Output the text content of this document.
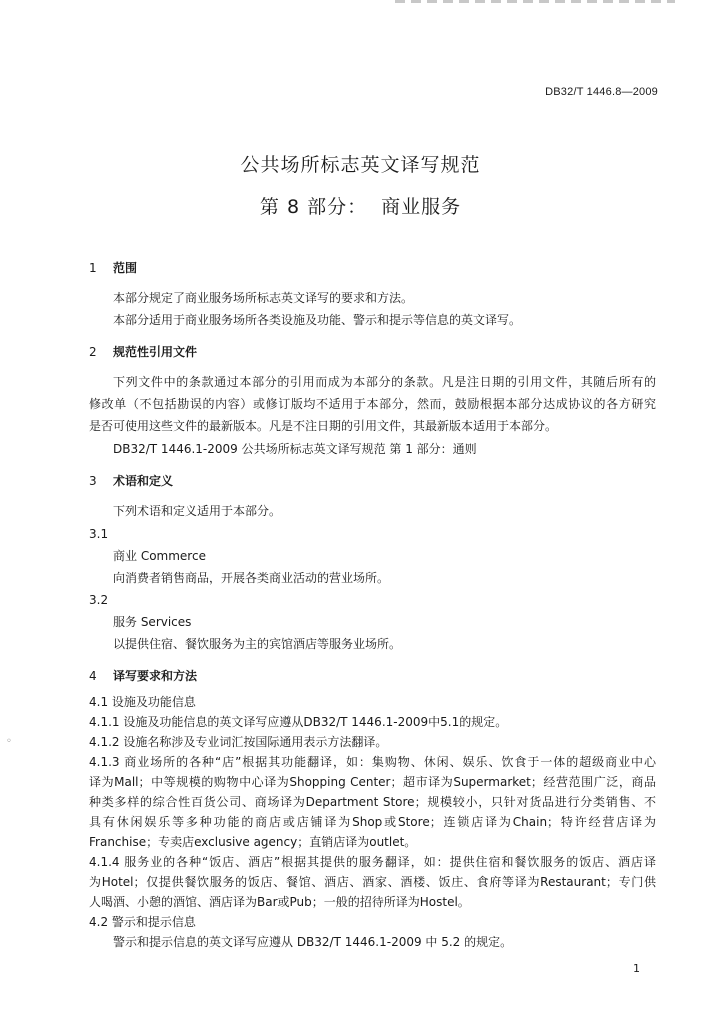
◦
DB32/T 1446.8—2009
公共场所标志英文译写规范
第 8 部分： 商业服务
1 范围
本部分规定了商业服务场所标志英文译写的要求和方法。
本部分适用于商业服务场所各类设施及功能、警示和提示等信息的英文译写。
2 规范性引用文件
下列文件中的条款通过本部分的引用而成为本部分的条款。凡是注日期的引用文件，其随后所有的
修改单（不包括勘误的内容）或修订版均不适用于本部分，然而，鼓励根据本部分达成协议的各方研究
是否可使用这些文件的最新版本。凡是不注日期的引用文件，其最新版本适用于本部分。
DB32/T 1446.1-2009 公共场所标志英文译写规范 第 1 部分：通则
3 术语和定义
下列术语和定义适用于本部分。
3.1
商业 Commerce
向消费者销售商品，开展各类商业活动的营业场所。
3.2
服务 Services
以提供住宿、餐饮服务为主的宾馆酒店等服务业场所。
4 译写要求和方法
4.1 设施及功能信息
4.1.1 设施及功能信息的英文译写应遵从DB32/T 1446.1-2009中5.1的规定。
4.1.2 设施名称涉及专业词汇按国际通用表示方法翻译。
4.1.3 商业场所的各种“店”根据其功能翻译，如：集购物、休闲、娱乐、饮食于一体的超级商业中心
译为Mall；中等规模的购物中心译为Shopping Center；超市译为Supermarket；经营范围广泛，商品
种类多样的综合性百货公司、商场译为Department Store；规模较小，只针对货品进行分类销售、不
具有休闲娱乐等多种功能的商店或店铺译为Shop或Store；连锁店译为Chain；特许经营店译为
Franchise；专卖店exclusive agency；直销店译为outlet。
4.1.4 服务业的各种“饭店、酒店”根据其提供的服务翻译，如：提供住宿和餐饮服务的饭店、酒店译
为Hotel；仅提供餐饮服务的饭店、餐馆、酒店、酒家、酒楼、饭庄、食府等译为Restaurant；专门供
人喝酒、小憩的酒馆、酒店译为Bar或Pub；一般的招待所译为Hostel。
4.2 警示和提示信息
警示和提示信息的英文译写应遵从 DB32/T 1446.1-2009 中 5.2 的规定。
1
